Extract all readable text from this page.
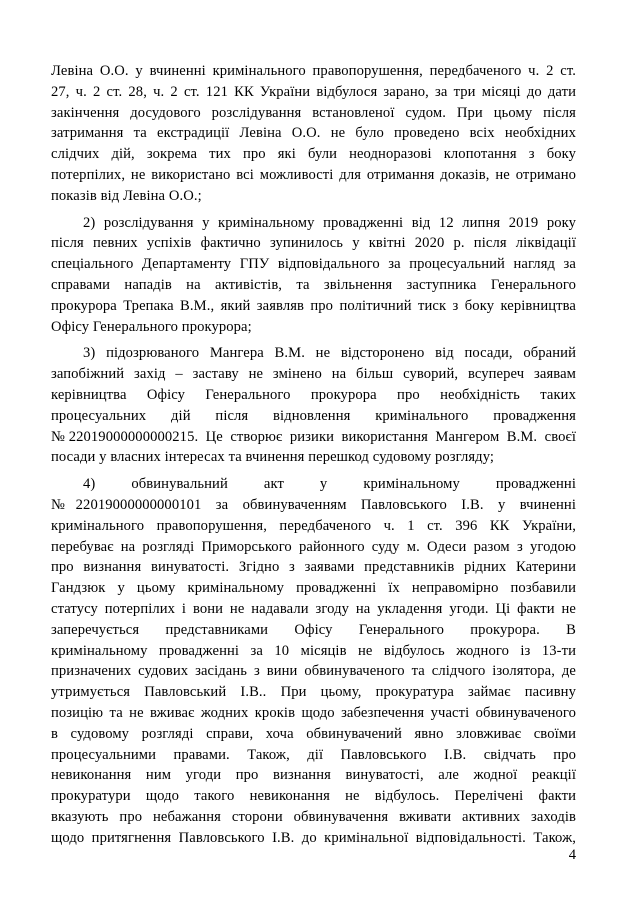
Левіна О.О. у вчиненні кримінального правопорушення, передбаченого ч. 2 ст.
27, ч. 2 ст. 28, ч. 2 ст. 121 КК України відбулося зарано, за три місяці до дати
закінчення досудового розслідування встановленої судом. При цьому після
затримання та екстрадиції Левіна О.О. не було проведено всіх необхідних
слідчих дій, зокрема тих про які були неодноразові клопотання з боку
потерпілих, не використано всі можливості для отримання доказів, не отримано
показів від Левіна О.О.;
2) розслідування у кримінальному провадженні від 12 липня 2019 року
після певних успіхів фактично зупинилось у квітні 2020 р. після ліквідації
спеціального Департаменту ГПУ відповідального за процесуальний нагляд за
справами нападів на активістів, та звільнення заступника Генерального
прокурора Трепака В.М., який заявляв про політичний тиск з боку керівництва
Офісу Генерального прокурора;
3) підозрюваного Мангера В.М. не відсторонено від посади, обраний
запобіжний захід – заставу не змінено на більш суворий, всупереч заявам
керівництва Офісу Генерального прокурора про необхідність таких
процесуальних дій після відновлення кримінального провадження
№22019000000000215. Це створює ризики використання Мангером В.М. своєї
посади у власних інтересах та вчинення перешкод судовому розгляду;
4) обвинувальний акт у кримінальному провадженні
№22019000000000101 за обвинуваченням Павловського І.В. у вчиненні
кримінального правопорушення, передбаченого ч. 1 ст. 396 КК України,
перебуває на розгляді Приморського районного суду м. Одеси разом з угодою
про визнання винуватості. Згідно з заявами представників рідних Катерини
Гандзюк у цьому кримінальному провадженні їх неправомірно позбавили
статусу потерпілих і вони не надавали згоду на укладення угоди. Ці факти не
заперечується представниками Офісу Генерального прокурора. В
кримінальному провадженні за 10 місяців не відбулось жодного із 13-ти
призначених судових засідань з вини обвинуваченого та слідчого ізолятора, де
утримується Павловський І.В.. При цьому, прокуратура займає пасивну
позицію та не вживає жодних кроків щодо забезпечення участі обвинуваченого
в судовому розгляді справи, хоча обвинувачений явно зловживає своїми
процесуальними правами. Також, дії Павловського І.В. свідчать про
невиконання ним угоди про визнання винуватості, але жодної реакції
прокуратури щодо такого невиконання не відбулось. Перелічені факти
вказують про небажання сторони обвинувачення вживати активних заходів
щодо притягнення Павловського І.В. до кримінальної відповідальності. Також,
4
